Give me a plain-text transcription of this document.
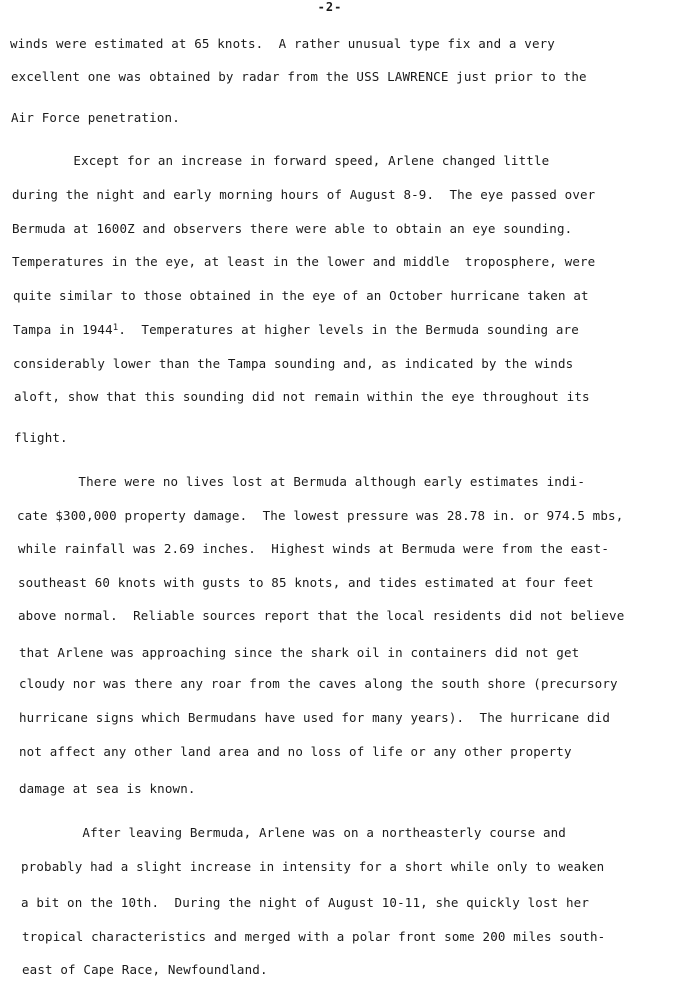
-2-
winds were estimated at 65 knots.  A rather unusual type fix and a very
excellent one was obtained by radar from the USS LAWRENCE just prior to the
Air Force penetration.
Except for an increase in forward speed, Arlene changed little
during the night and early morning hours of August 8-9.  The eye passed over
Bermuda at 1600Z and observers there were able to obtain an eye sounding.
Temperatures in the eye, at least in the lower and middle  troposphere, were
quite similar to those obtained in the eye of an October hurricane taken at
Tampa in 1944$^1$.  Temperatures at higher levels in the Bermuda sounding are
considerably lower than the Tampa sounding and, as indicated by the winds
aloft, show that this sounding did not remain within the eye throughout its
flight.
There were no lives lost at Bermuda although early estimates indi-
cate $300,000 property damage.  The lowest pressure was 28.78 in. or 974.5 mbs,
while rainfall was 2.69 inches.  Highest winds at Bermuda were from the east-
southeast 60 knots with gusts to 85 knots, and tides estimated at four feet
above normal.  Reliable sources report that the local residents did not believe
that Arlene was approaching since the shark oil in containers did not get
cloudy nor was there any roar from the caves along the south shore (precursory
hurricane signs which Bermudans have used for many years).  The hurricane did
not affect any other land area and no loss of life or any other property
damage at sea is known.
After leaving Bermuda, Arlene was on a northeasterly course and
probably had a slight increase in intensity for a short while only to weaken
a bit on the 10th.  During the night of August 10-11, she quickly lost her
tropical characteristics and merged with a polar front some 200 miles south-
east of Cape Race, Newfoundland.
